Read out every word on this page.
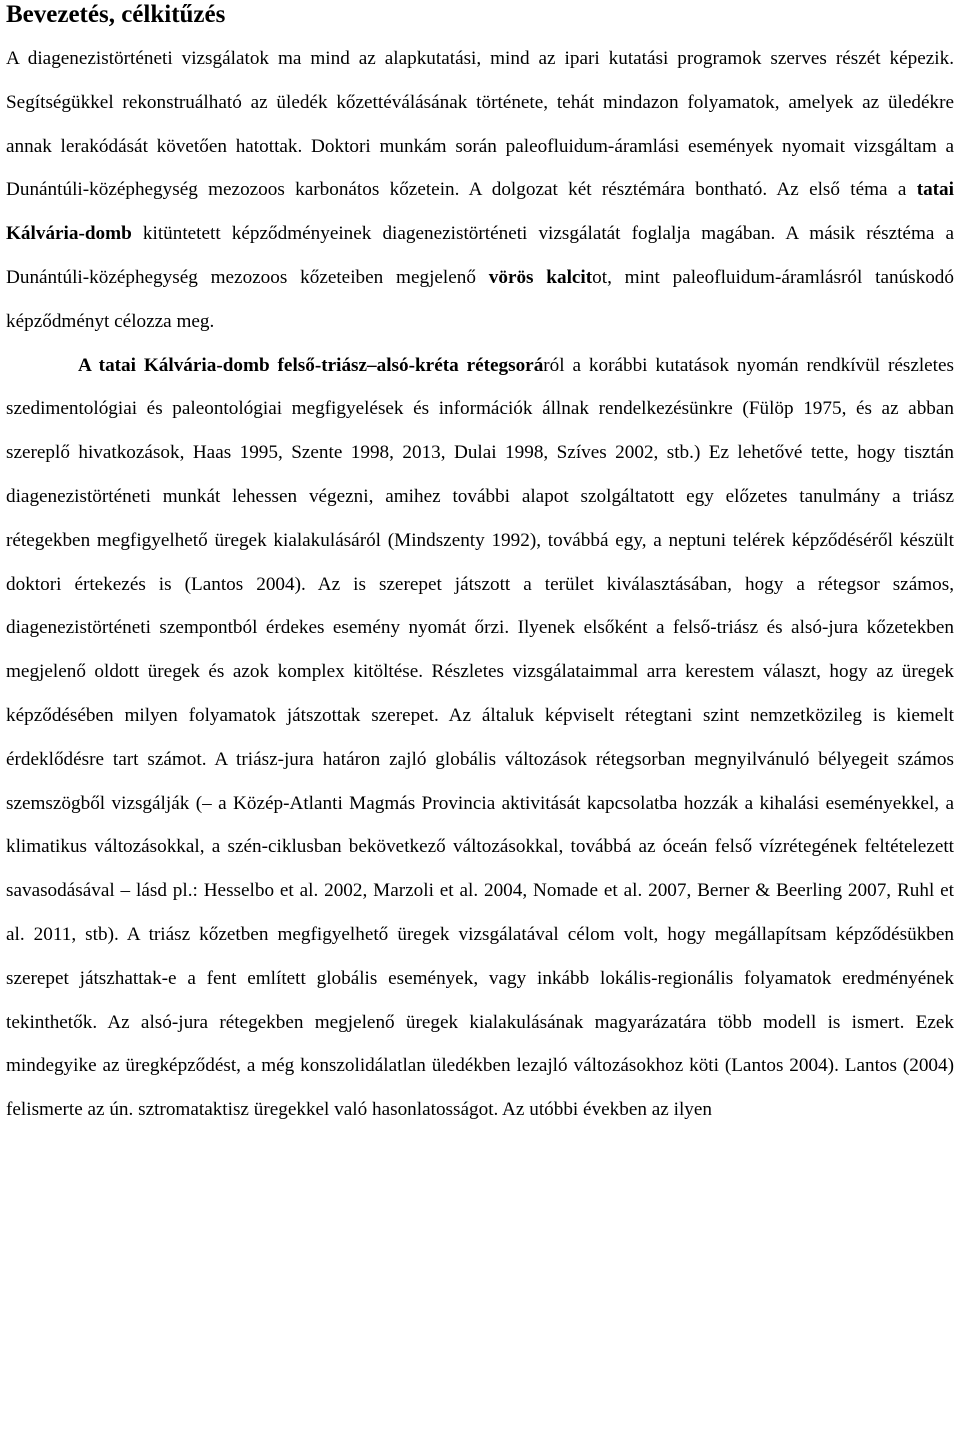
Bevezetés, célkitűzés

A diagenezistörténeti vizsgálatok ma mind az alapkutatási, mind az ipari kutatási programok szerves részét képezik. Segítségükkel rekonstruálható az üledék kőzettéválásának története, tehát mindazon folyamatok, amelyek az üledékre annak lerakódását követően hatottak. Doktori munkám során paleofluidum-áramlási események nyomait vizsgáltam a Dunántúli-középhegység mezozoos karbonátos kőzetein. A dolgozat két résztémára bontható. Az első téma a tatai Kálvária-domb kitüntetett képződményeinek diagenezistörténeti vizsgálatát foglalja magában. A másik résztéma a Dunántúli-középhegység mezozoos kőzeteiben megjelenő vörös kalcitot, mint paleofluidum-áramlásról tanúskodó képződményt célozza meg.

A tatai Kálvária-domb felső-triász–alsó-kréta rétegsoráról a korábbi kutatások nyomán rendkívül részletes szedimentológiai és paleontológiai megfigyelések és információk állnak rendelkezésünkre (Fülöp 1975, és az abban szereplő hivatkozások, Haas 1995, Szente 1998, 2013, Dulai 1998, Szíves 2002, stb.) Ez lehetővé tette, hogy tisztán diagenezistörténeti munkát lehessen végezni, amihez további alapot szolgáltatott egy előzetes tanulmány a triász rétegekben megfigyelhető üregek kialakulásáról (Mindszenty 1992), továbbá egy, a neptuni telérek képződéséről készült doktori értekezés is (Lantos 2004). Az is szerepet játszott a terület kiválasztásában, hogy a rétegsor számos, diagenezistörténeti szempontból érdekes esemény nyomát őrzi. Ilyenek elsőként a felső-triász és alsó-jura kőzetekben megjelenő oldott üregek és azok komplex kitöltése. Részletes vizsgálataimmal arra kerestem választ, hogy az üregek képződésében milyen folyamatok játszottak szerepet. Az általuk képviselt rétegtani szint nemzetközileg is kiemelt érdeklődésre tart számot. A triász-jura határon zajló globális változások rétegsorban megnyilvánuló bélyegeit számos szemszögből vizsgálják (– a Közép-Atlanti Magmás Provincia aktivitását kapcsolatba hozzák a kihalási eseményekkel, a klimatikus változásokkal, a szén-ciklusban bekövetkező változásokkal, továbbá az óceán felső vízrétegének feltételezett savasodásával – lásd pl.: Hesselbo et al. 2002, Marzoli et al. 2004, Nomade et al. 2007, Berner & Beerling 2007, Ruhl et al. 2011, stb). A triász kőzetben megfigyelhető üregek vizsgálatával célom volt, hogy megállapítsam képződésükben szerepet játszhattak-e a fent említett globális események, vagy inkább lokális-regionális folyamatok eredményének tekinthetők. Az alsó-jura rétegekben megjelenő üregek kialakulásának magyarázatára több modell is ismert. Ezek mindegyike az üregképződést, a még konszolidálatlan üledékben lezajló változásokhoz köti (Lantos 2004). Lantos (2004) felismerte az ún. sztromataktisz üregekkel való hasonlatosságot. Az utóbbi években az ilyen
